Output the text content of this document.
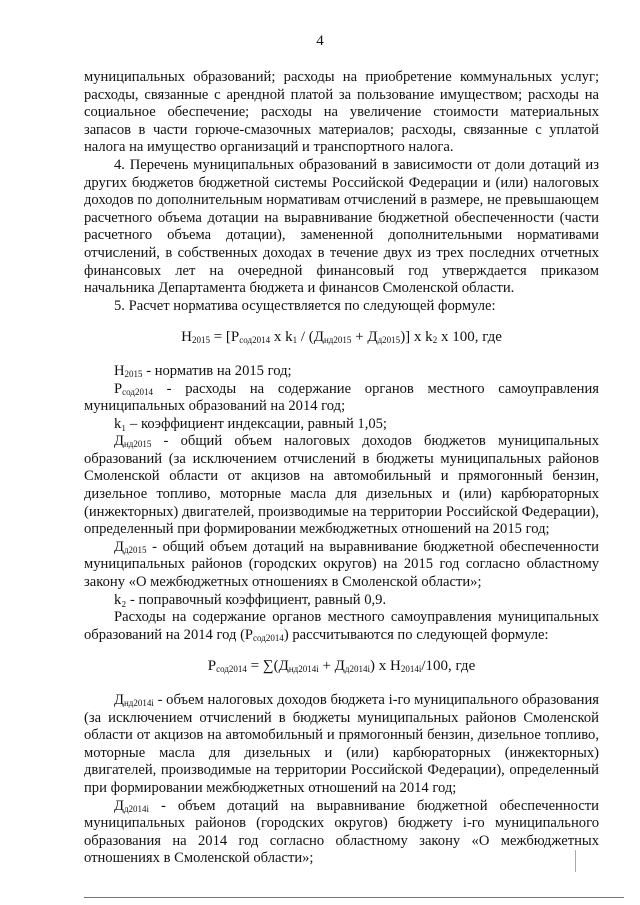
4

муниципальных образований; расходы на приобретение коммунальных услуг; расходы, связанные с арендной платой за пользование имуществом; расходы на социальное обеспечение; расходы на увеличение стоимости материальных запасов в части горюче-смазочных материалов; расходы, связанные с уплатой налога на имущество организаций и транспортного налога.

4. Перечень муниципальных образований в зависимости от доли дотаций из других бюджетов бюджетной системы Российской Федерации и (или) налоговых доходов по дополнительным нормативам отчислений в размере, не превышающем расчетного объема дотации на выравнивание бюджетной обеспеченности (части расчетного объема дотации), замененной дополнительными нормативами отчислений, в собственных доходах в течение двух из трех последних отчетных финансовых лет на очередной финансовый год утверждается приказом начальника Департамента бюджета и финансов Смоленской области.

5. Расчет норматива осуществляется по следующей формуле:

$Н_{2015} = [Р_{сод2014}$ х $k_1 / (Д_{нд2015} + Д_{д2015})$] х $k_2$ х 100, где

$Н_{2015}$ - норматив на 2015 год;

$Р_{сод2014}$ - расходы на содержание органов местного самоуправления муниципальных образований на 2014 год;

k₁ – коэффициент индексации, равный 1,05;

$Д_{нд2015}$ - общий объем налоговых доходов бюджетов муниципальных образований (за исключением отчислений в бюджеты муниципальных районов Смоленской области от акцизов на автомобильный и прямогонный бензин, дизельное топливо, моторные масла для дизельных и (или) карбюраторных (инжекторных) двигателей, производимые на территории Российской Федерации), определенный при формировании межбюджетных отношений на 2015 год;

$Д_{д2015}$ - общий объем дотаций на выравнивание бюджетной обеспеченности муниципальных районов (городских округов) на 2015 год согласно областному закону «О межбюджетных отношениях в Смоленской области»;

k₂ - поправочный коэффициент, равный 0,9.

Расходы на содержание органов местного самоуправления муниципальных образований на 2014 год $(Р_{сод2014})$ рассчитываются по следующей формуле:

$Р_{сод2014} = \sum(Д_{нд2014i} + Д_{д2014i})$ х $Н_{2014i}/100$, где

$Д_{нд2014i}$ - объем налоговых доходов бюджета i-го муниципального образования (за исключением отчислений в бюджеты муниципальных районов Смоленской области от акцизов на автомобильный и прямогонный бензин, дизельное топливо, моторные масла для дизельных и (или) карбюраторных (инжекторных) двигателей, производимые на территории Российской Федерации), определенный при формировании межбюджетных отношений на 2014 год;

$Д_{д2014i}$ - объем дотаций на выравнивание бюджетной обеспеченности муниципальных районов (городских округов) бюджету i-го муниципального образования на 2014 год согласно областному закону «О межбюджетных отношениях в Смоленской области»;
